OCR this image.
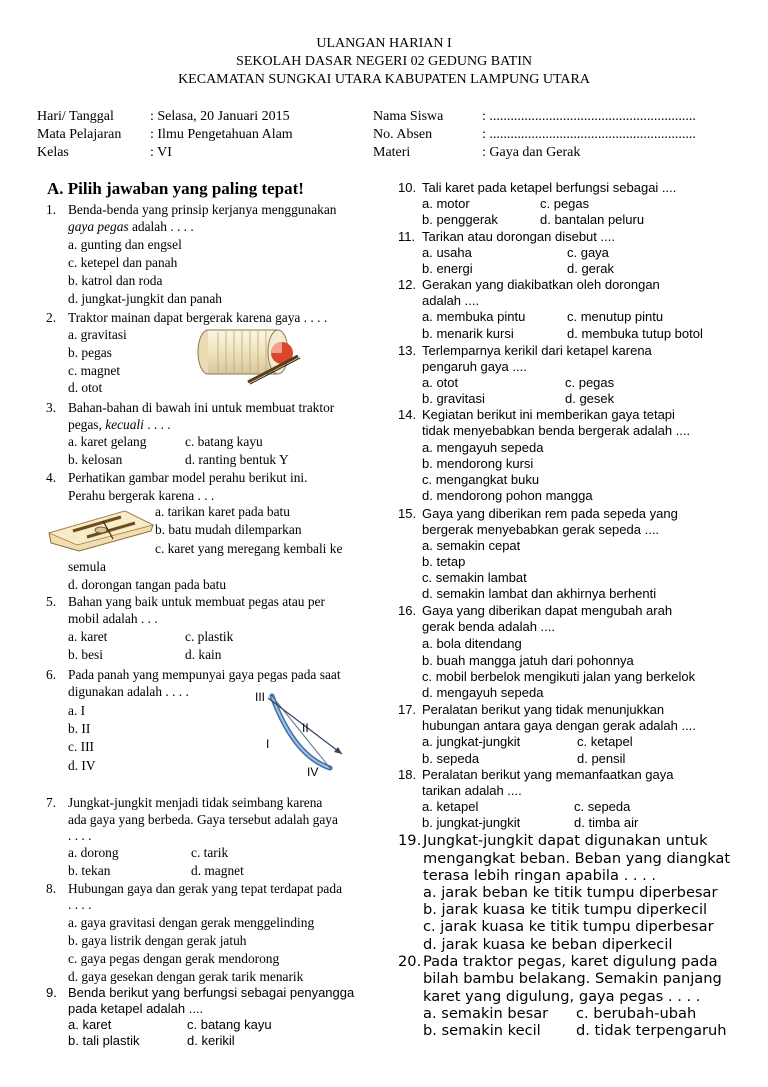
ULANGAN HARIAN I
SEKOLAH DASAR NEGERI 02 GEDUNG BATIN
KECAMATAN SUNGKAI UTARA KABUPATEN LAMPUNG UTARA
Hari/ Tanggal	: Selasa, 20 Januari 2015
Mata Pelajaran : Ilmu Pengetahuan Alam
Kelas	: VI
Nama Siswa	: ...........................................................
No. Absen	: ...........................................................
Materi	: Gaya dan Gerak
A. Pilih jawaban yang paling tepat!
1. Benda-benda yang prinsip kerjanya menggunakan
gaya pegas adalah . . . .
a. gunting dan engsel
c. ketepel dan panah
b. katrol dan roda
d. jungkat-jungkit dan panah
2. Traktor mainan dapat bergerak karena gaya . . . .
a. gravitasi
b. pegas
c. magnet
d. otot
3. Bahan-bahan di bawah ini untuk membuat traktor
pegas, kecuali . . . .
a. karet gelang	c. batang kayu
b. kelosan	d. ranting bentuk Y
4. Perhatikan gambar model perahu berikut ini.
Perahu bergerak karena . . .
a. tarikan karet pada batu
b. batu mudah dilemparkan
c. karet yang meregang kembali ke
semula
d. dorongan tangan pada batu
5. Bahan yang baik untuk membuat pegas atau per
mobil adalah . . .
a. karet	c. plastik
b. besi	d. kain
6. Pada panah yang mempunyai gaya pegas pada saat
digunakan adalah . . . .
a. I
b. II
c. III
d. IV
III
II
I
IV
7. Jungkat-jungkit menjadi tidak seimbang karena
ada gaya yang berbeda. Gaya tersebut adalah gaya
. . . .
a. dorong	c. tarik
b. tekan	d. magnet
8. Hubungan gaya dan gerak yang tepat terdapat pada
. . . .
a. gaya gravitasi dengan gerak menggelinding
b. gaya listrik dengan gerak jatuh
c. gaya pegas dengan gerak mendorong
d. gaya gesekan dengan gerak tarik menarik
9. Benda berikut yang berfungsi sebagai penyangga
pada ketapel adalah ....
a. karet	c. batang kayu
b. tali plastik	d. kerikil
10. Tali karet pada ketapel berfungsi sebagai ....
a. motor	c. pegas
b. penggerak	d. bantalan peluru
11. Tarikan atau dorongan disebut ....
a. usaha	c. gaya
b. energi	d. gerak
12. Gerakan yang diakibatkan oleh dorongan
adalah ....
a. membuka pintu	c. menutup pintu
b. menarik kursi	d. membuka tutup botol
13. Terlemparnya kerikil dari ketapel karena
pengaruh gaya ....
a. otot	c. pegas
b. gravitasi	d. gesek
14. Kegiatan berikut ini memberikan gaya tetapi
tidak menyebabkan benda bergerak adalah ....
a. mengayuh sepeda
b. mendorong kursi
c. mengangkat buku
d. mendorong pohon mangga
15. Gaya yang diberikan rem pada sepeda yang
bergerak menyebabkan gerak sepeda ....
a. semakin cepat
b. tetap
c. semakin lambat
d. semakin lambat dan akhirnya berhenti
16. Gaya yang diberikan dapat mengubah arah
gerak benda adalah ....
a. bola ditendang
b. buah mangga jatuh dari pohonnya
c. mobil berbelok mengikuti jalan yang berkelok
d. mengayuh sepeda
17. Peralatan berikut yang tidak menunjukkan
hubungan antara gaya dengan gerak adalah ....
a. jungkat-jungkit	c. ketapel
b. sepeda	d. pensil
18. Peralatan berikut yang memanfaatkan gaya
tarikan adalah ....
a. ketapel	c. sepeda
b. jungkat-jungkit	d. timba air
19. Jungkat-jungkit dapat digunakan untuk
mengangkat beban. Beban yang diangkat
terasa lebih ringan apabila . . . .
a. jarak beban ke titik tumpu diperbesar
b. jarak kuasa ke titik tumpu diperkecil
c. jarak kuasa ke titik tumpu diperbesar
d. jarak kuasa ke beban diperkecil
20. Pada traktor pegas, karet digulung pada
bilah bambu belakang. Semakin panjang
karet yang digulung, gaya pegas . . . .
a. semakin besar c. berubah-ubah
b. semakin kecil d. tidak terpengaruh
